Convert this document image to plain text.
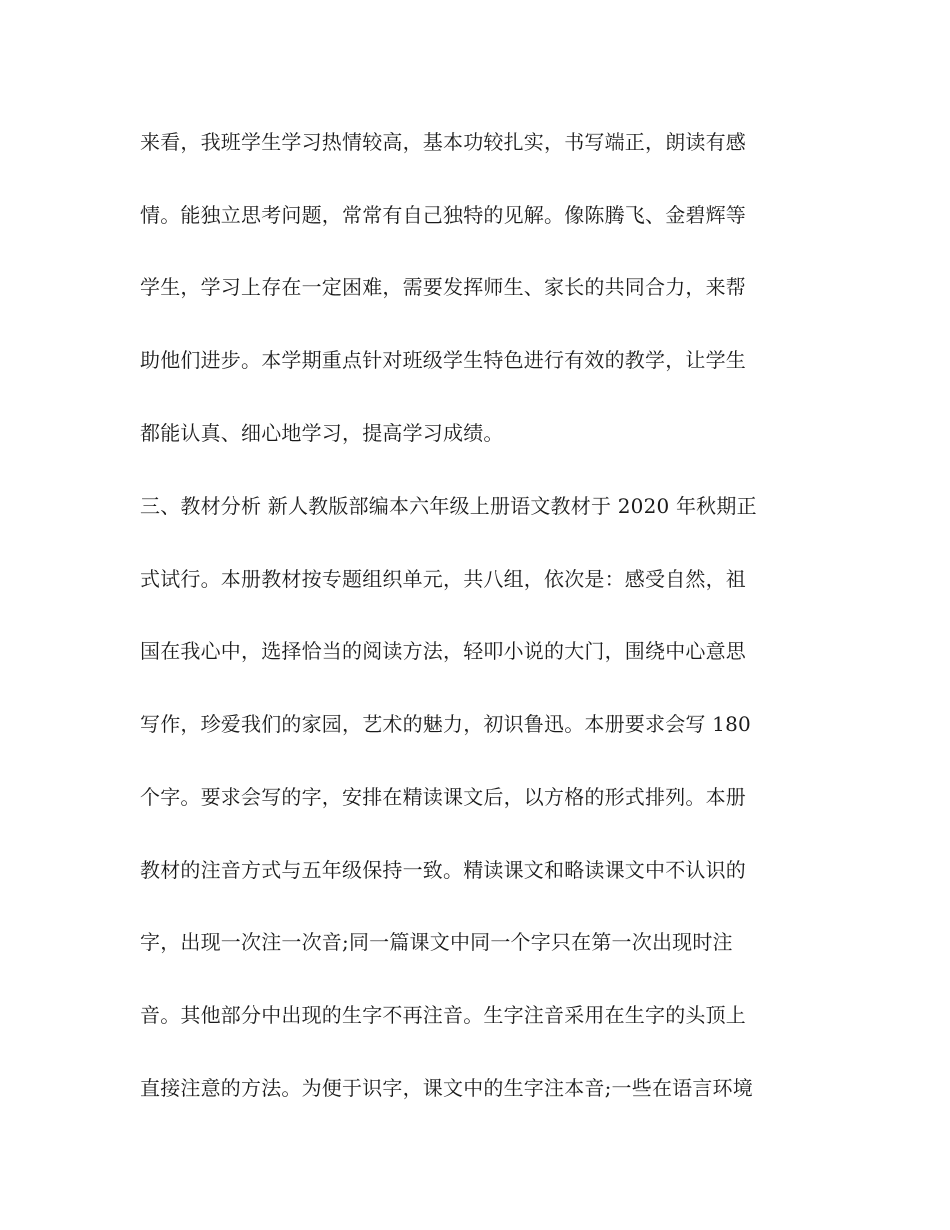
来看，我班学生学习热情较高，基本功较扎实，书写端正，朗读有感
情。能独立思考问题，常常有自己独特的见解。像陈腾飞、金碧辉等
学生，学习上存在一定困难，需要发挥师生、家长的共同合力，来帮
助他们进步。本学期重点针对班级学生特色进行有效的教学，让学生
都能认真、细心地学习，提高学习成绩。
三、教材分析 新人教版部编本六年级上册语文教材于 2020 年秋期正
式试行。本册教材按专题组织单元，共八组，依次是：感受自然，祖
国在我心中，选择恰当的阅读方法，轻叩小说的大门，围绕中心意思
写作，珍爱我们的家园，艺术的魅力，初识鲁迅。本册要求会写 180
个字。要求会写的字，安排在精读课文后，以方格的形式排列。本册
教材的注音方式与五年级保持一致。精读课文和略读课文中不认识的
字，出现一次注一次音;同一篇课文中同一个字只在第一次出现时注
音。其他部分中出现的生字不再注音。生字注音采用在生字的头顶上
直接注意的方法。为便于识字，课文中的生字注本音;一些在语言环境
